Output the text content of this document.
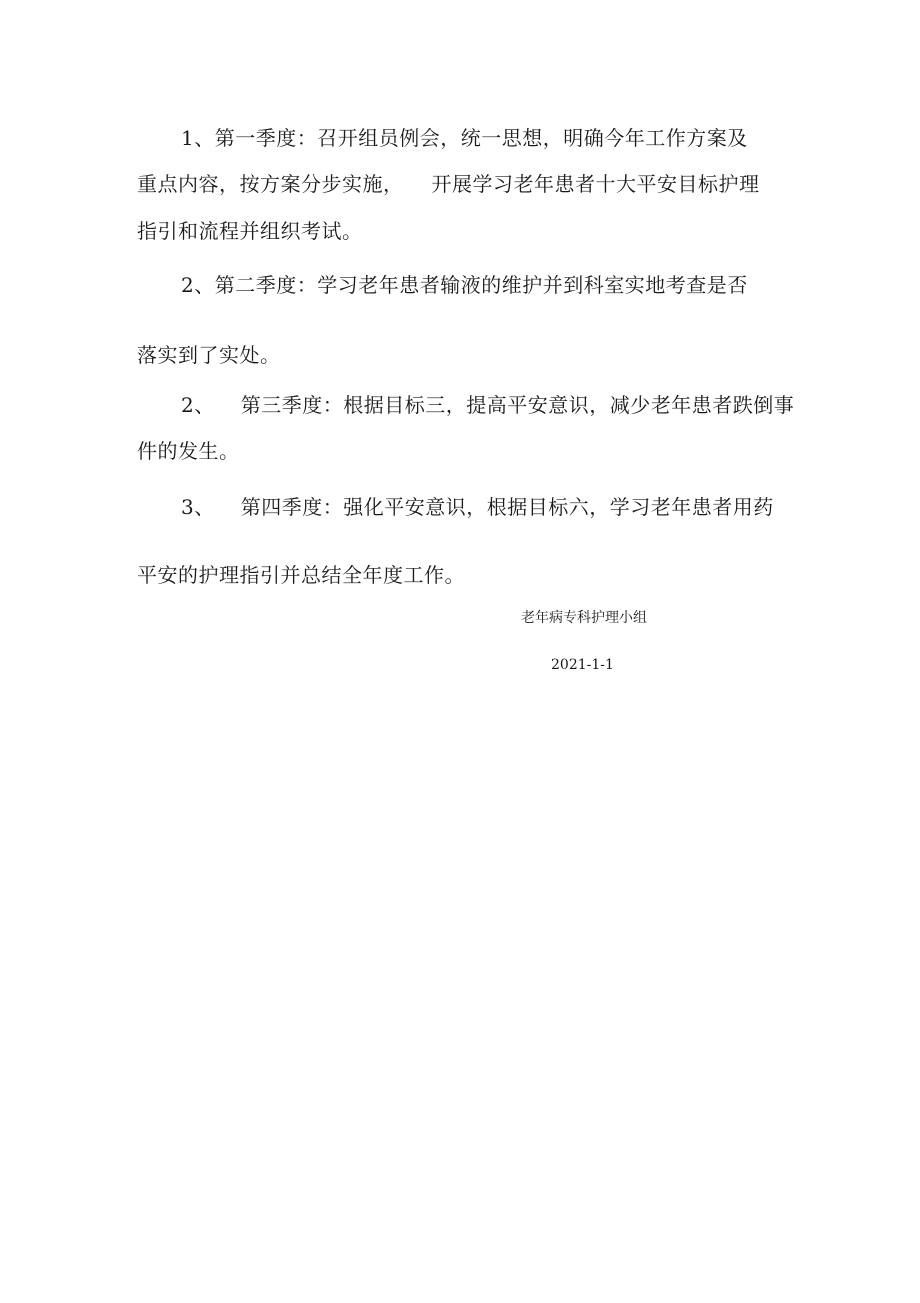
1、第一季度：召开组员例会，统一思想，明确今年工作方案及
重点内容，按方案分步实施， 开展学习老年患者十大平安目标护理
指引和流程并组织考试。
2、第二季度：学习老年患者输液的维护并到科室实地考查是否
落实到了实处。
2、 第三季度：根据目标三，提高平安意识，减少老年患者跌倒事
件的发生。
3、 第四季度：强化平安意识，根据目标六，学习老年患者用药
平安的护理指引并总结全年度工作。
老年病专科护理小组
2021-1-1
